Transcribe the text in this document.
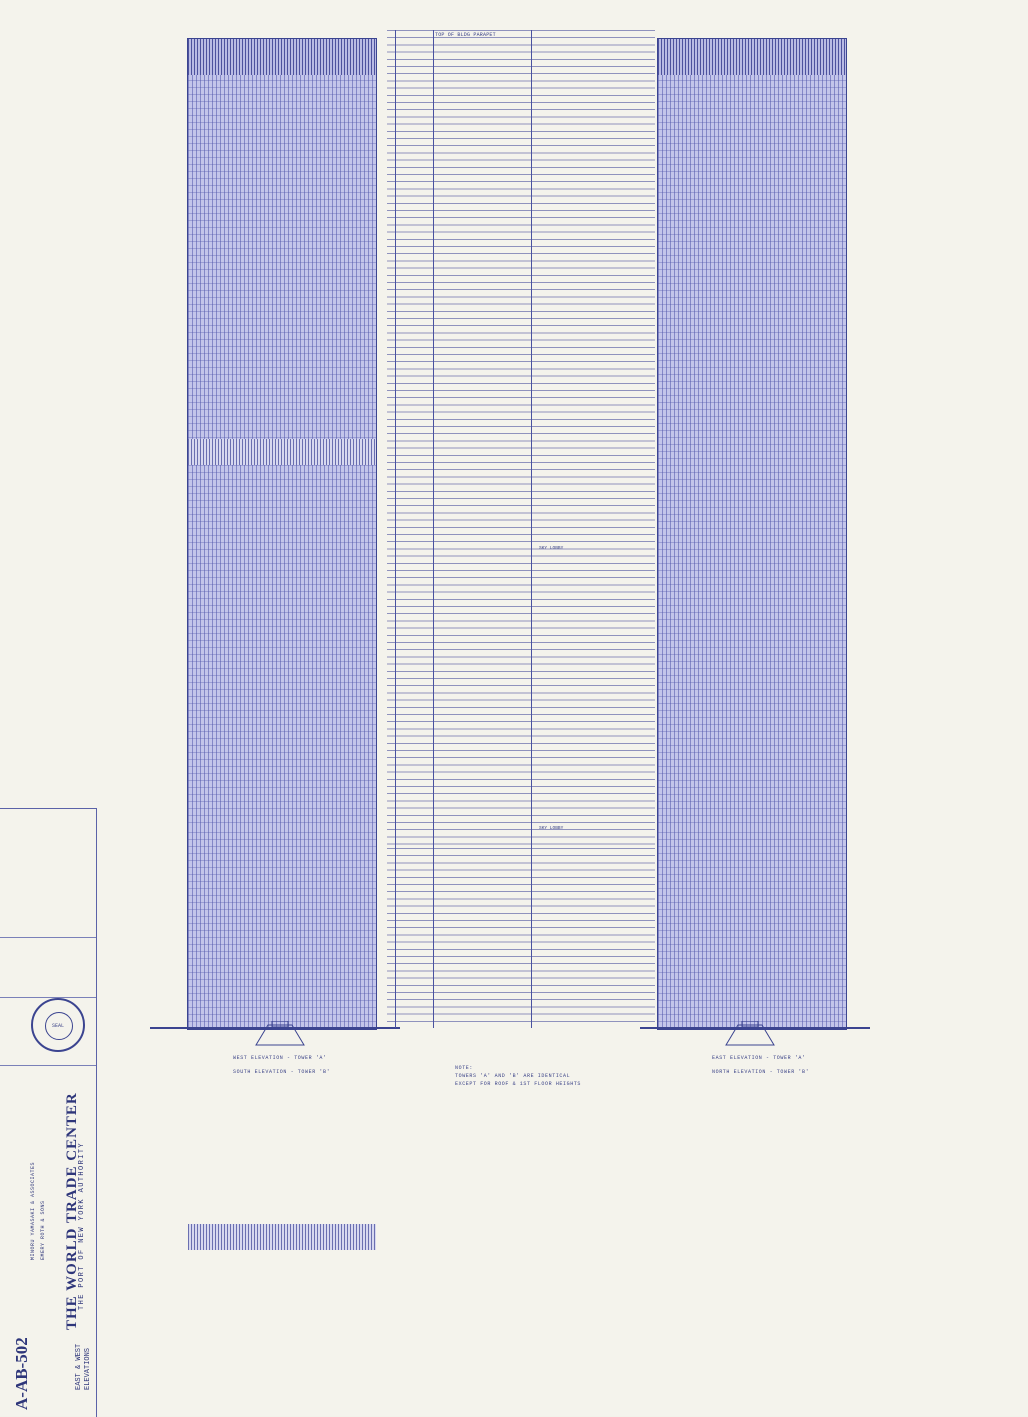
TOP OF BLDG PARAPET
SKY LOBBY
SKY LOBBY
WEST ELEVATION - TOWER 'A'
SOUTH ELEVATION - TOWER 'B'
NOTE:
TOWERS 'A' AND 'B' ARE IDENTICAL
EXCEPT FOR ROOF & 1ST FLOOR HEIGHTS
EAST ELEVATION - TOWER 'A'
NORTH ELEVATION - TOWER 'B'
SEAL
THE WORLD TRADE CENTER
THE PORT OF NEW YORK AUTHORITY
MINORU YAMASAKI & ASSOCIATES EMERY ROTH & SONS
EAST & WEST ELEVATIONS
A-AB-502
